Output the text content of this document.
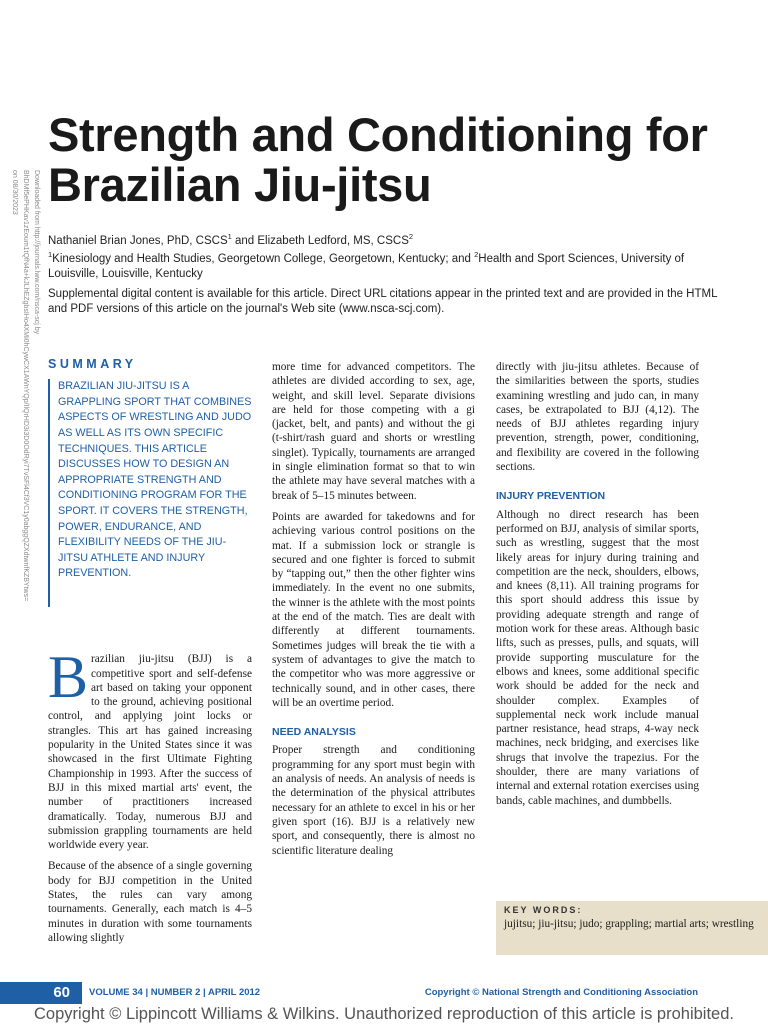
Downloaded from http://journals.lww.com/nsca-scj by BhDMf5ePHKav1zEoum1tQfN4a+kJLhEZgbsIHo4XMi0hCywCX1AWnYQp/IlQrHD3i3D0OdRyi7TvSFl4Cf3VC1y0abggQZXdtwnfKZBYtws= on 08/30/2023
Strength and Conditioning for Brazilian Jiu-jitsu
Nathaniel Brian Jones, PhD, CSCS$^1$ and Elizabeth Ledford, MS, CSCS$^2$
$^1$Kinesiology and Health Studies, Georgetown College, Georgetown, Kentucky; and $^2$Health and Sport Sciences, University of Louisville, Louisville, Kentucky

Supplemental digital content is available for this article. Direct URL citations appear in the printed text and are provided in the HTML and PDF versions of this article on the journal's Web site (www.nsca-scj.com).

SUMMARY
BRAZILIAN JIU-JITSU IS A GRAPPLING SPORT THAT COMBINES ASPECTS OF WRESTLING AND JUDO AS WELL AS ITS OWN SPECIFIC TECHNIQUES. THIS ARTICLE DISCUSSES HOW TO DESIGN AN APPROPRIATE STRENGTH AND CONDITIONING PROGRAM FOR THE SPORT. IT COVERS THE STRENGTH, POWER, ENDURANCE, AND FLEXIBILITY NEEDS OF THE JIU-JITSU ATHLETE AND INJURY PREVENTION.

Brazilian jiu-jitsu (BJJ) is a competitive sport and self-defense art based on taking your opponent to the ground, achieving positional control, and applying joint locks or strangles. This art has gained increasing popularity in the United States since it was showcased in the first Ultimate Fighting Championship in 1993. After the success of BJJ in this mixed martial arts' event, the number of practitioners increased dramatically. Today, numerous BJJ and submission grappling tournaments are held worldwide every year.

Because of the absence of a single governing body for BJJ competition in the United States, the rules can vary among tournaments. Generally, each match is 4–5 minutes in duration with some tournaments allowing slightly

more time for advanced competitors. The athletes are divided according to sex, age, weight, and skill level. Separate divisions are held for those competing with a gi (jacket, belt, and pants) and without the gi (t-shirt/rash guard and shorts or wrestling singlet). Typically, tournaments are arranged in single elimination format so that to win the athlete may have several matches with a break of 5–15 minutes between.

Points are awarded for takedowns and for achieving various control positions on the mat. If a submission lock or strangle is secured and one fighter is forced to submit by “tapping out,” then the other fighter wins immediately. In the event no one submits, the winner is the athlete with the most points at the end of the match. Ties are dealt with differently at different tournaments. Sometimes judges will break the tie with a system of advantages to give the match to the competitor who was more aggressive or technically sound, and in other cases, there will be an overtime period.

NEED ANALYSIS

Proper strength and conditioning programming for any sport must begin with an analysis of needs. An analysis of needs is the determination of the physical attributes necessary for an athlete to excel in his or her given sport (16). BJJ is a relatively new sport, and consequently, there is almost no scientific literature dealing

directly with jiu-jitsu athletes. Because of the similarities between the sports, studies examining wrestling and judo can, in many cases, be extrapolated to BJJ (4,12). The needs of BJJ athletes regarding injury prevention, strength, power, conditioning, and flexibility are covered in the following sections.

INJURY PREVENTION

Although no direct research has been performed on BJJ, analysis of similar sports, such as wrestling, suggest that the most likely areas for injury during training and competition are the neck, shoulders, elbows, and knees (8,11). All training programs for this sport should address this issue by providing adequate strength and range of motion work for these areas. Although basic lifts, such as presses, pulls, and squats, will provide supporting musculature for the elbows and knees, some additional specific work should be added for the neck and shoulder complex. Examples of supplemental neck work include manual partner resistance, head straps, 4-way neck machines, neck bridging, and exercises like shrugs that involve the trapezius. For the shoulder, there are many variations of internal and external rotation exercises using bands, cable machines, and dumbbells.

KEY WORDS:
jujitsu; jiu-jitsu; judo; grappling; martial arts; wrestling
60	VOLUME 34 | NUMBER 2 | APRIL 2012	Copyright © National Strength and Conditioning Association
Copyright © Lippincott Williams & Wilkins. Unauthorized reproduction of this article is prohibited.
